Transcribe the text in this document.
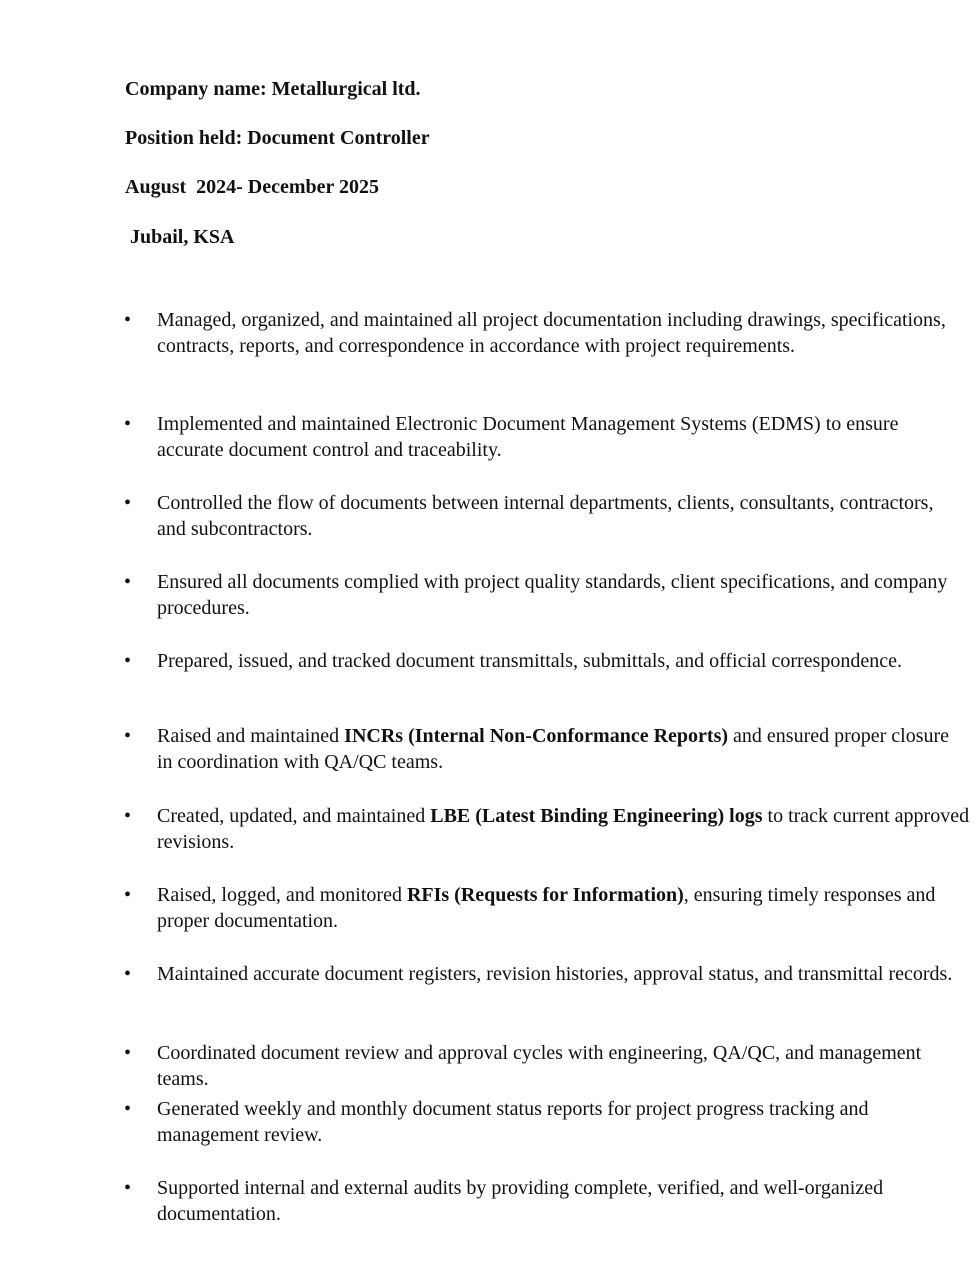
Company name: Metallurgical ltd.
Position held: Document Controller
August  2024- December 2025
Jubail, KSA
•	Managed, organized, and maintained all project documentation including drawings, specifications, contracts, reports, and correspondence in accordance with project requirements.
•	Implemented and maintained Electronic Document Management Systems (EDMS) to ensure accurate document control and traceability.
•	Controlled the flow of documents between internal departments, clients, consultants, contractors, and subcontractors.
•	Ensured all documents complied with project quality standards, client specifications, and company procedures.
•	Prepared, issued, and tracked document transmittals, submittals, and official correspondence.
•	Raised and maintained INCRs (Internal Non-Conformance Reports) and ensured proper closure in coordination with QA/QC teams.
•	Created, updated, and maintained LBE (Latest Binding Engineering) logs to track current approved revisions.
•	Raised, logged, and monitored RFIs (Requests for Information), ensuring timely responses and proper documentation.
•	Maintained accurate document registers, revision histories, approval status, and transmittal records.
•	Coordinated document review and approval cycles with engineering, QA/QC, and management teams.
•	Generated weekly and monthly document status reports for project progress tracking and management review.
•	Supported internal and external audits by providing complete, verified, and well-organized documentation.
